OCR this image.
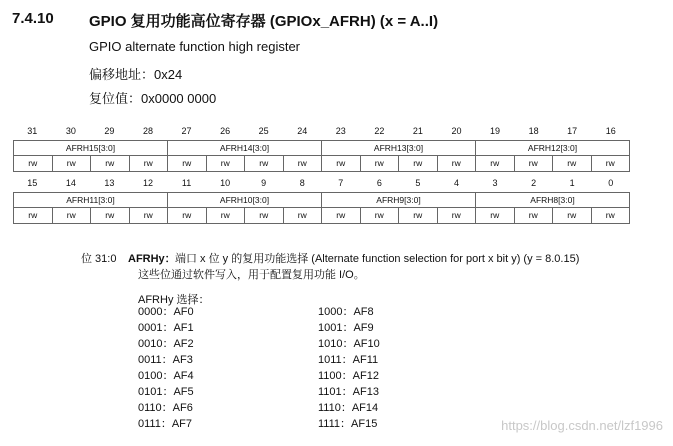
7.4.10 GPIO 复用功能高位寄存器 (GPIOx_AFRH) (x = A..I)
GPIO alternate function high register
偏移地址：0x24
复位值：0x0000 0000
31	30	29	28	27	26	25	24	23	22	21	20	19	18	17	16
AFRH15[3:0]	AFRH14[3:0]	AFRH13[3:0]	AFRH12[3:0]
rw	rw	rw	rw	rw	rw	rw	rw	rw	rw	rw	rw	rw	rw	rw	rw
15	14	13	12	11	10	9	8	7	6	5	4	3	2	1	0
AFRH11[3:0]	AFRH10[3:0]	AFRH9[3:0]	AFRH8[3:0]
rw	rw	rw	rw	rw	rw	rw	rw	rw	rw	rw	rw	rw	rw	rw	rw
位 31:0 AFRHy： 端口 x 位 y 的复用功能选择 (Alternate function selection for port x bit y) (y = 8.0.15)
这些位通过软件写入，用于配置复用功能 I/O。
AFRHy 选择：
0000：AF0
0001：AF1
0010：AF2
0011：AF3
0100：AF4
0101：AF5
0110：AF6
0111：AF7
1000：AF8
1001：AF9
1010：AF10
1011：AF11
1100：AF12
1101：AF13
1110：AF14
1111：AF15	https://blog.csdn.net/lzf1996
